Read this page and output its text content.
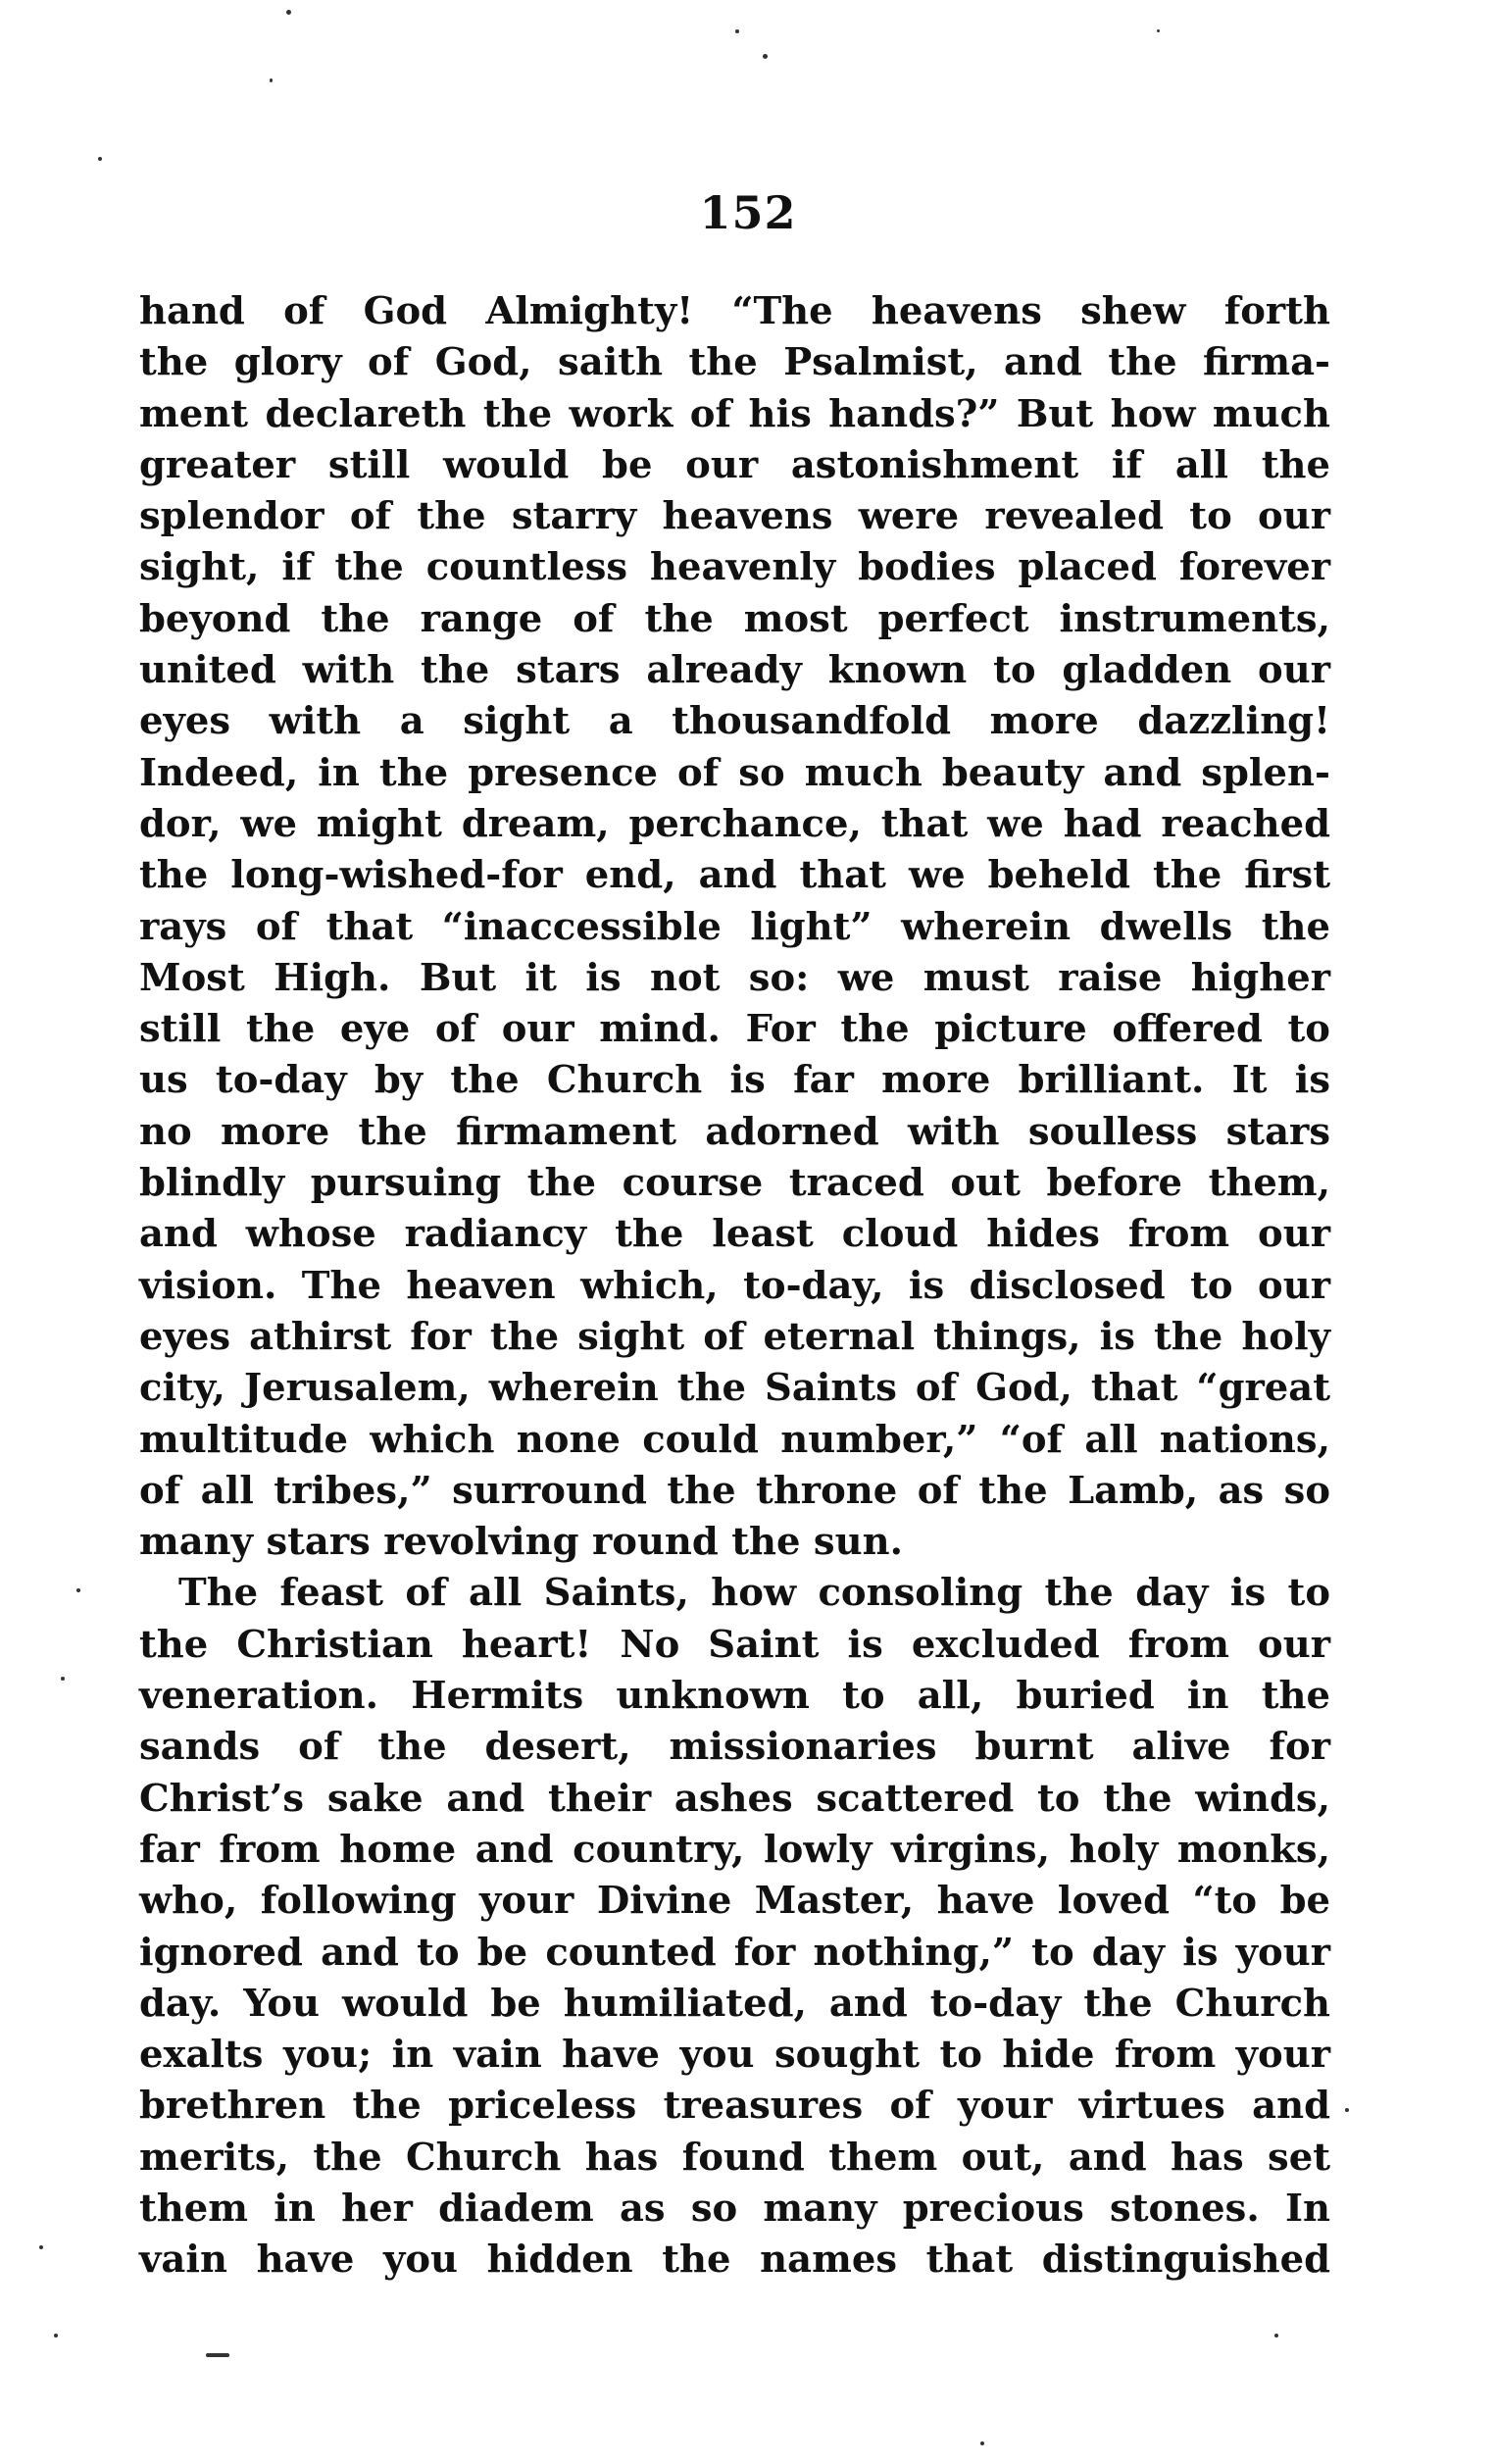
152
hand of God Almighty! “The heavens shew forth
the glory of God, saith the Psalmist, and the firma-
ment declareth the work of his hands?” But how much
greater still would be our astonishment if all the
splendor of the starry heavens were revealed to our
sight, if the countless heavenly bodies placed forever
beyond the range of the most perfect instruments,
united with the stars already known to gladden our
eyes with a sight a thousandfold more dazzling!
Indeed, in the presence of so much beauty and splen-
dor, we might dream, perchance, that we had reached
the long-wished-for end, and that we beheld the first
rays of that “inaccessible light” wherein dwells the
Most High. But it is not so: we must raise higher
still the eye of our mind. For the picture offered to
us to-day by the Church is far more brilliant. It is
no more the firmament adorned with soulless stars
blindly pursuing the course traced out before them,
and whose radiancy the least cloud hides from our
vision. The heaven which, to-day, is disclosed to our
eyes athirst for the sight of eternal things, is the holy
city, Jerusalem, wherein the Saints of God, that “great
multitude which none could number,” “of all nations,
of all tribes,” surround the throne of the Lamb, as so
many stars revolving round the sun.
The feast of all Saints, how consoling the day is to
the Christian heart! No Saint is excluded from our
veneration. Hermits unknown to all, buried in the
sands of the desert, missionaries burnt alive for
Christ’s sake and their ashes scattered to the winds,
far from home and country, lowly virgins, holy monks,
who, following your Divine Master, have loved “to be
ignored and to be counted for nothing,” to day is your
day. You would be humiliated, and to-day the Church
exalts you; in vain have you sought to hide from your
brethren the priceless treasures of your virtues and
merits, the Church has found them out, and has set
them in her diadem as so many precious stones. In
vain have you hidden the names that distinguished
